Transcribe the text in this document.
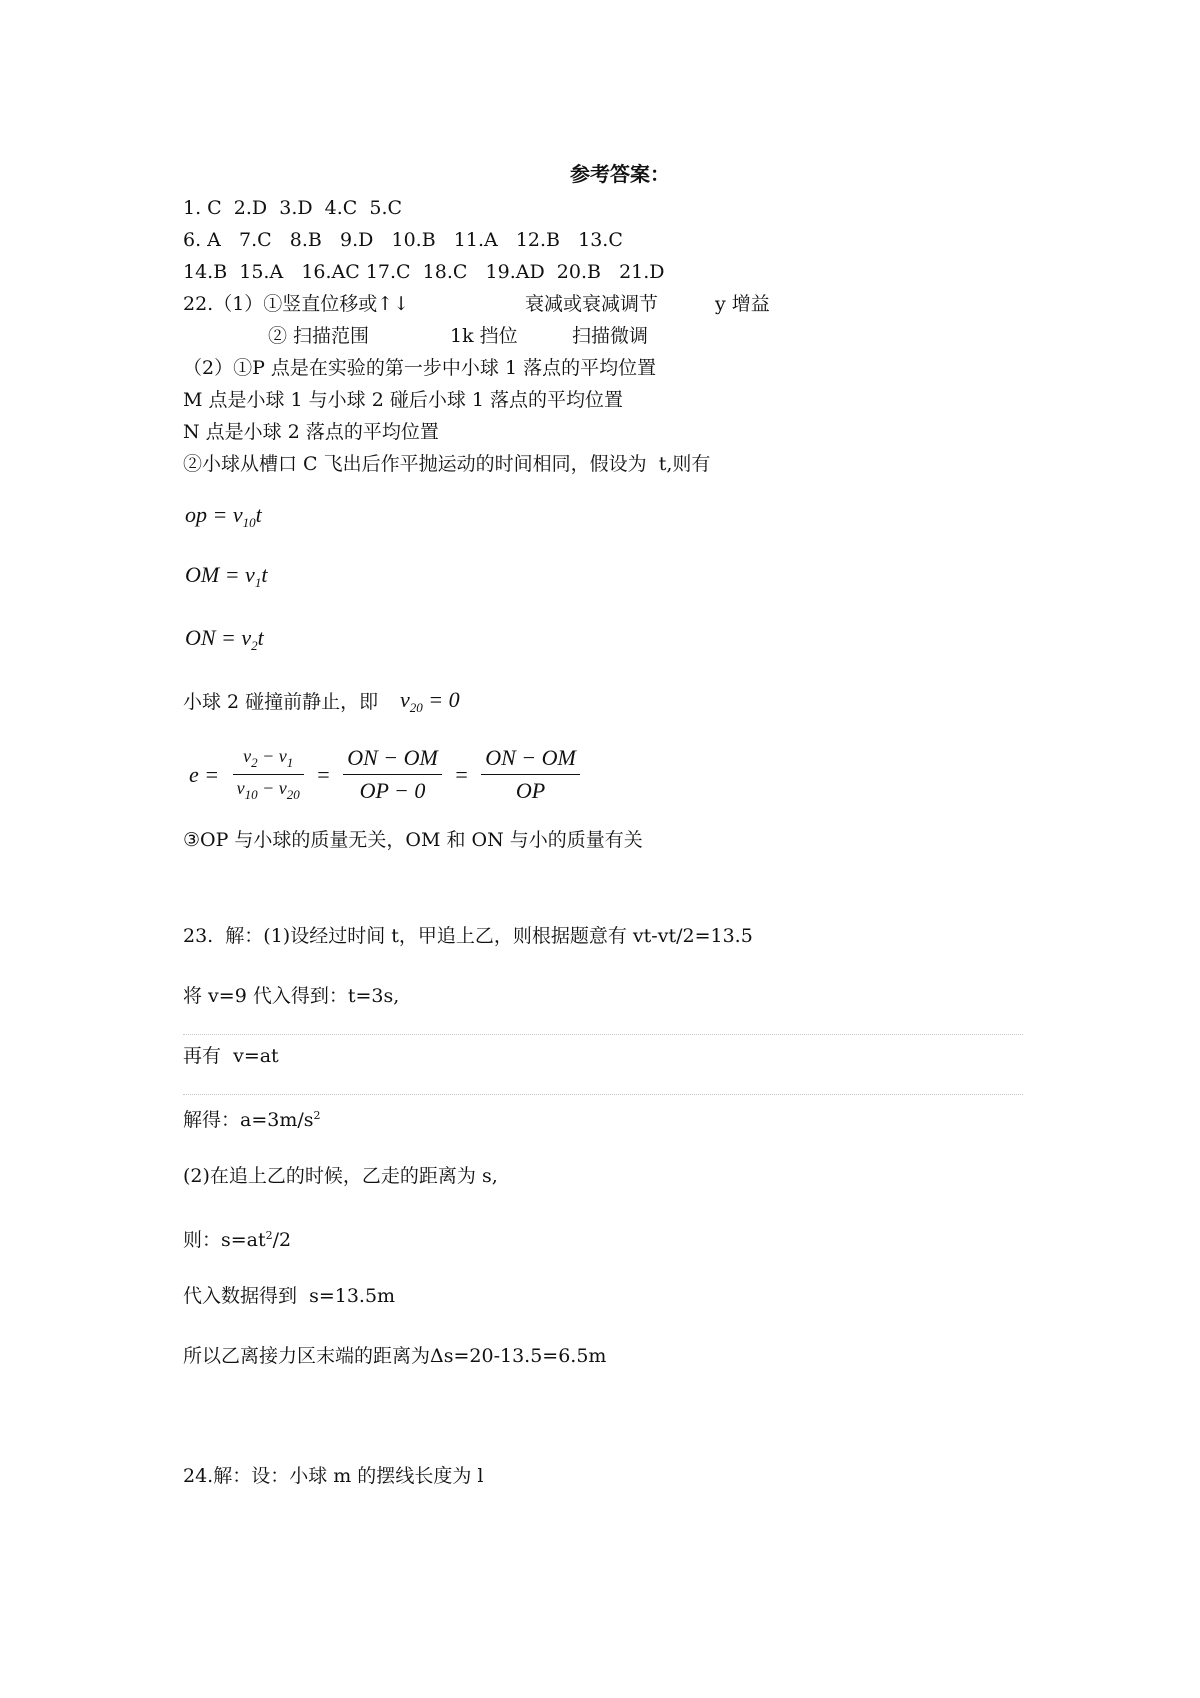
参考答案：
1. C  2.D  3.D  4.C  5.C
6. A   7.C   8.B   9.D   10.B   11.A   12.B   13.C
14.B  15.A   16.AC 17.C  18.C   19.AD  20.B   21.D
22.（1）①竖直位移或↑↓	衰减或衰减调节	y 增益
② 扫描范围	1k 挡位	扫描微调
（2）①P 点是在实验的第一步中小球 1 落点的平均位置
M 点是小球 1 与小球 2 碰后小球 1 落点的平均位置
N 点是小球 2 落点的平均位置
②小球从槽口 C 飞出后作平抛运动的时间相同，假设为  t,则有
op = $v_{10}t$
OM = $v_1t$
ON = $v_2t$
小球 2 碰撞前静止，即 $v_{20} = 0$
$e = \frac{v_2 - v_1}{v_{10} - v_{20}} = \frac{ON - OM}{OP - 0} = \frac{ON - OM}{OP}$
③OP 与小球的质量无关，OM 和 ON 与小的质量有关
23.  解：(1)设经过时间 t，甲追上乙，则根据题意有 vt-vt/2=13.5
将 v=9 代入得到：t=3s,
再有  v=at
解得：$a=3m/s^2$
(2)在追上乙的时候，乙走的距离为 s,
则：$s=at^2/2$
代入数据得到  s=13.5m
所以乙离接力区末端的距离为Δs=20-13.5=6.5m
24.解：设：小球 m 的摆线长度为 l
